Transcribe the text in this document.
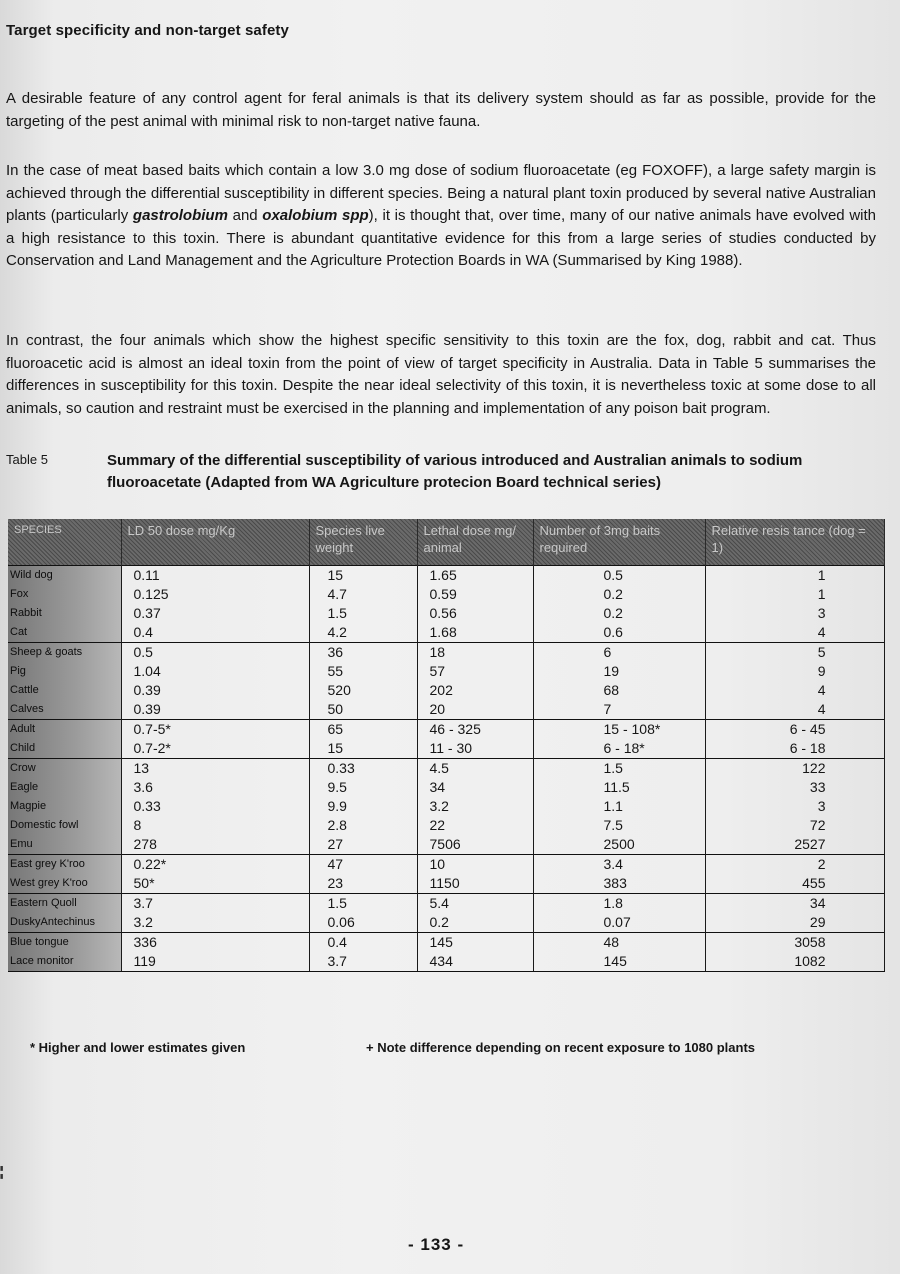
▮
▮
Target specificity and non-target safety

A desirable feature of any control agent for feral animals is that its delivery system should as far as possible, provide for the targeting of the pest animal with minimal risk to non-target native fauna.

In the case of meat based baits which contain a low 3.0 mg dose of sodium fluoroacetate (eg FOXOFF), a large safety margin is achieved through the differential susceptibility in different species. Being a natural plant toxin produced by several native Australian plants (particularly gastrolobium and oxalobium spp), it is thought that, over time, many of our native animals have evolved with a high resistance to this toxin. There is abundant quantitative evidence for this from a large series of studies conducted by Conservation and Land Management and the Agriculture Protection Boards in WA (Summarised by King 1988).

In contrast, the four animals which show the highest specific sensitivity to this toxin are the fox, dog, rabbit and cat. Thus fluoroacetic acid is almost an ideal toxin from the point of view of target specificity in Australia. Data in Table 5 summarises the differences in susceptibility for this toxin. Despite the near ideal selectivity of this toxin, it is nevertheless toxic at some dose to all animals, so caution and restraint must be exercised in the planning and implementation of any poison bait program.

Table 5	Summary of the differential susceptibility of various introduced and Australian animals to sodium fluoroacetate (Adapted from WA Agriculture protecion Board technical series)
SPECIES	LD 50 dose mg/Kg	Species live weight	Lethal dose mg/ animal	Number of 3mg baits required	Relative resis tance (dog = 1)
Wild dog	0.11	15	1.65	0.5	1
Fox	0.125	4.7	0.59	0.2	1
Rabbit	0.37	1.5	0.56	0.2	3
Cat	0.4	4.2	1.68	0.6	4
Sheep & goats	0.5	36	18	6	5
Pig	1.04	55	57	19	9
Cattle	0.39	520	202	68	4
Calves	0.39	50	20	7	4
Adult	0.7-5*	65	46 - 325	15 - 108*	6 - 45
Child	0.7-2*	15	11 - 30	6 - 18*	6 - 18
Crow	13	0.33	4.5	1.5	122
Eagle	3.6	9.5	34	11.5	33
Magpie	0.33	9.9	3.2	1.1	3
Domestic fowl	8	2.8	22	7.5	72
Emu	278	27	7506	2500	2527
East grey K'roo	0.22*	47	10	3.4	2
West grey K'roo	50*	23	1150	383	455
Eastern Quoll	3.7	1.5	5.4	1.8	34
DuskyAntechinus	3.2	0.06	0.2	0.07	29
Blue tongue	336	0.4	145	48	3058
Lace monitor	119	3.7	434	145	1082
* Higher and lower estimates given	+ Note difference depending on recent exposure to 1080 plants
- 133 -
